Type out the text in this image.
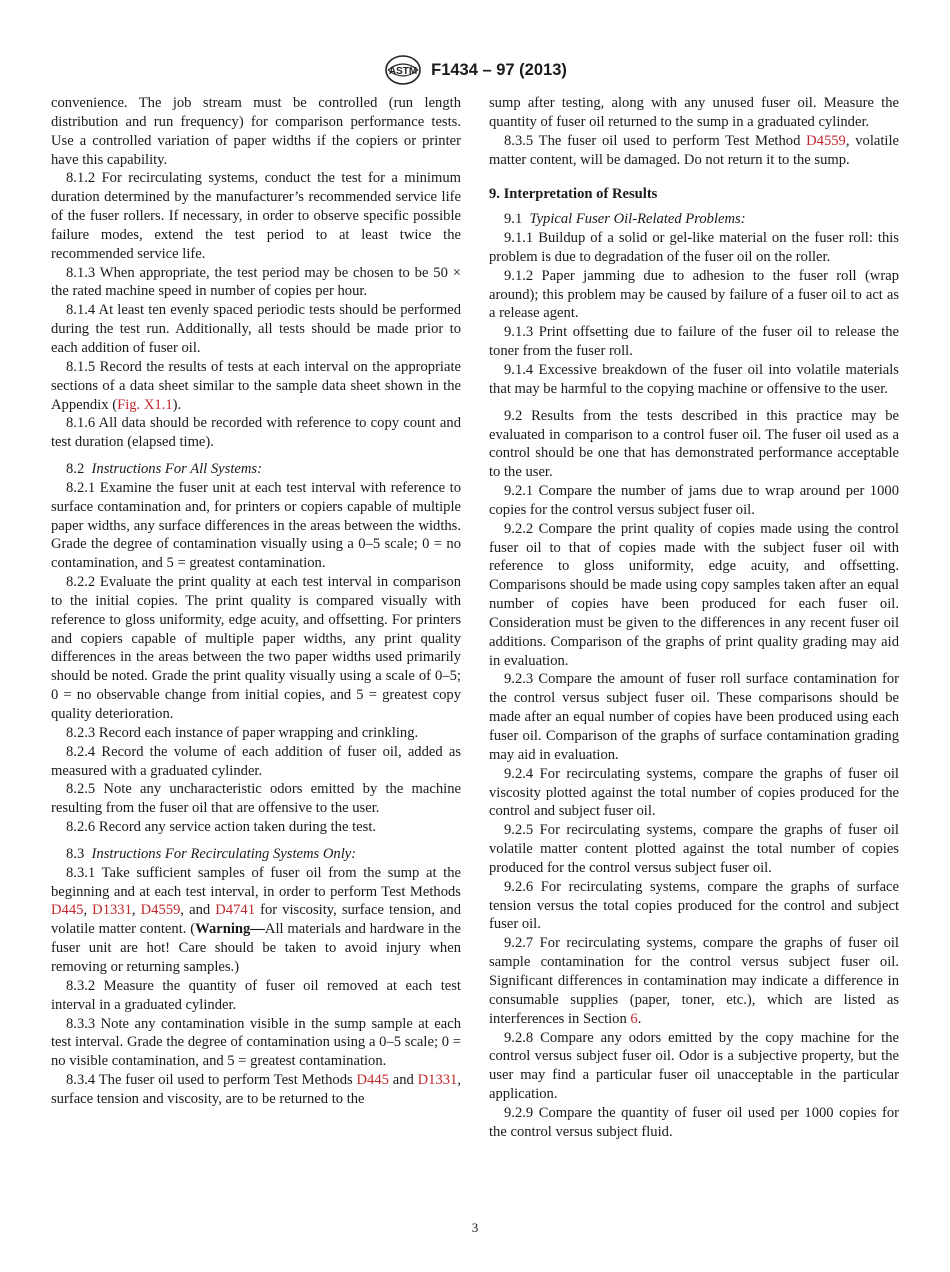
ASTM F1434 – 97 (2013)

convenience. The job stream must be controlled (run length distribution and run frequency) for comparison performance tests. Use a controlled variation of paper widths if the copiers or printer have this capability.

8.1.2 For recirculating systems, conduct the test for a minimum duration determined by the manufacturer’s recommended service life of the fuser rollers. If necessary, in order to observe specific possible failure modes, extend the test period to at least twice the recommended service life.

8.1.3 When appropriate, the test period may be chosen to be 50 × the rated machine speed in number of copies per hour.

8.1.4 At least ten evenly spaced periodic tests should be performed during the test run. Additionally, all tests should be made prior to each addition of fuser oil.

8.1.5 Record the results of tests at each interval on the appropriate sections of a data sheet similar to the sample data sheet shown in the Appendix (Fig. X1.1).

8.1.6 All data should be recorded with reference to copy count and test duration (elapsed time).

8.2 Instructions For All Systems:

8.2.1 Examine the fuser unit at each test interval with reference to surface contamination and, for printers or copiers capable of multiple paper widths, any surface differences in the areas between the widths. Grade the degree of contamination visually using a 0–5 scale; 0 = no contamination, and 5 = greatest contamination.

8.2.2 Evaluate the print quality at each test interval in comparison to the initial copies. The print quality is compared visually with reference to gloss uniformity, edge acuity, and offsetting. For printers and copiers capable of multiple paper widths, any print quality differences in the areas between the two paper widths used primarily should be noted. Grade the print quality visually using a scale of 0–5; 0 = no observable change from initial copies, and 5 = greatest copy quality deterioration.

8.2.3 Record each instance of paper wrapping and crinkling.

8.2.4 Record the volume of each addition of fuser oil, added as measured with a graduated cylinder.

8.2.5 Note any uncharacteristic odors emitted by the machine resulting from the fuser oil that are offensive to the user.

8.2.6 Record any service action taken during the test.

8.3 Instructions For Recirculating Systems Only:

8.3.1 Take sufficient samples of fuser oil from the sump at the beginning and at each test interval, in order to perform Test Methods D445, D1331, D4559, and D4741 for viscosity, surface tension, and volatile matter content. (Warning—All materials and hardware in the fuser unit are hot! Care should be taken to avoid injury when removing or returning samples.)

8.3.2 Measure the quantity of fuser oil removed at each test interval in a graduated cylinder.

8.3.3 Note any contamination visible in the sump sample at each test interval. Grade the degree of contamination using a 0–5 scale; 0 = no visible contamination, and 5 = greatest contamination.

8.3.4 The fuser oil used to perform Test Methods D445 and D1331, surface tension and viscosity, are to be returned to the

sump after testing, along with any unused fuser oil. Measure the quantity of fuser oil returned to the sump in a graduated cylinder.

8.3.5 The fuser oil used to perform Test Method D4559, volatile matter content, will be damaged. Do not return it to the sump.

9. Interpretation of Results

9.1 Typical Fuser Oil-Related Problems:

9.1.1 Buildup of a solid or gel-like material on the fuser roll: this problem is due to degradation of the fuser oil on the roller.

9.1.2 Paper jamming due to adhesion to the fuser roll (wrap around); this problem may be caused by failure of a fuser oil to act as a release agent.

9.1.3 Print offsetting due to failure of the fuser oil to release the toner from the fuser roll.

9.1.4 Excessive breakdown of the fuser oil into volatile materials that may be harmful to the copying machine or offensive to the user.

9.2 Results from the tests described in this practice may be evaluated in comparison to a control fuser oil. The fuser oil used as a control should be one that has demonstrated performance acceptable to the user.

9.2.1 Compare the number of jams due to wrap around per 1000 copies for the control versus subject fuser oil.

9.2.2 Compare the print quality of copies made using the control fuser oil to that of copies made with the subject fuser oil with reference to gloss uniformity, edge acuity, and offsetting. Comparisons should be made using copy samples taken after an equal number of copies have been produced for each fuser oil. Consideration must be given to the differences in any recent fuser oil additions. Comparison of the graphs of print quality grading may aid in evaluation.

9.2.3 Compare the amount of fuser roll surface contamination for the control versus subject fuser oil. These comparisons should be made after an equal number of copies have been produced using each fuser oil. Comparison of the graphs of surface contamination grading may aid in evaluation.

9.2.4 For recirculating systems, compare the graphs of fuser oil viscosity plotted against the total number of copies produced for the control and subject fuser oil.

9.2.5 For recirculating systems, compare the graphs of fuser oil volatile matter content plotted against the total number of copies produced for the control versus subject fuser oil.

9.2.6 For recirculating systems, compare the graphs of surface tension versus the total copies produced for the control and subject fuser oil.

9.2.7 For recirculating systems, compare the graphs of fuser oil sample contamination for the control versus subject fuser oil. Significant differences in contamination may indicate a difference in consumable supplies (paper, toner, etc.), which are listed as interferences in Section 6.

9.2.8 Compare any odors emitted by the copy machine for the control versus subject fuser oil. Odor is a subjective property, but the user may find a particular fuser oil unacceptable in the particular application.

9.2.9 Compare the quantity of fuser oil used per 1000 copies for the control versus subject fluid.

3
